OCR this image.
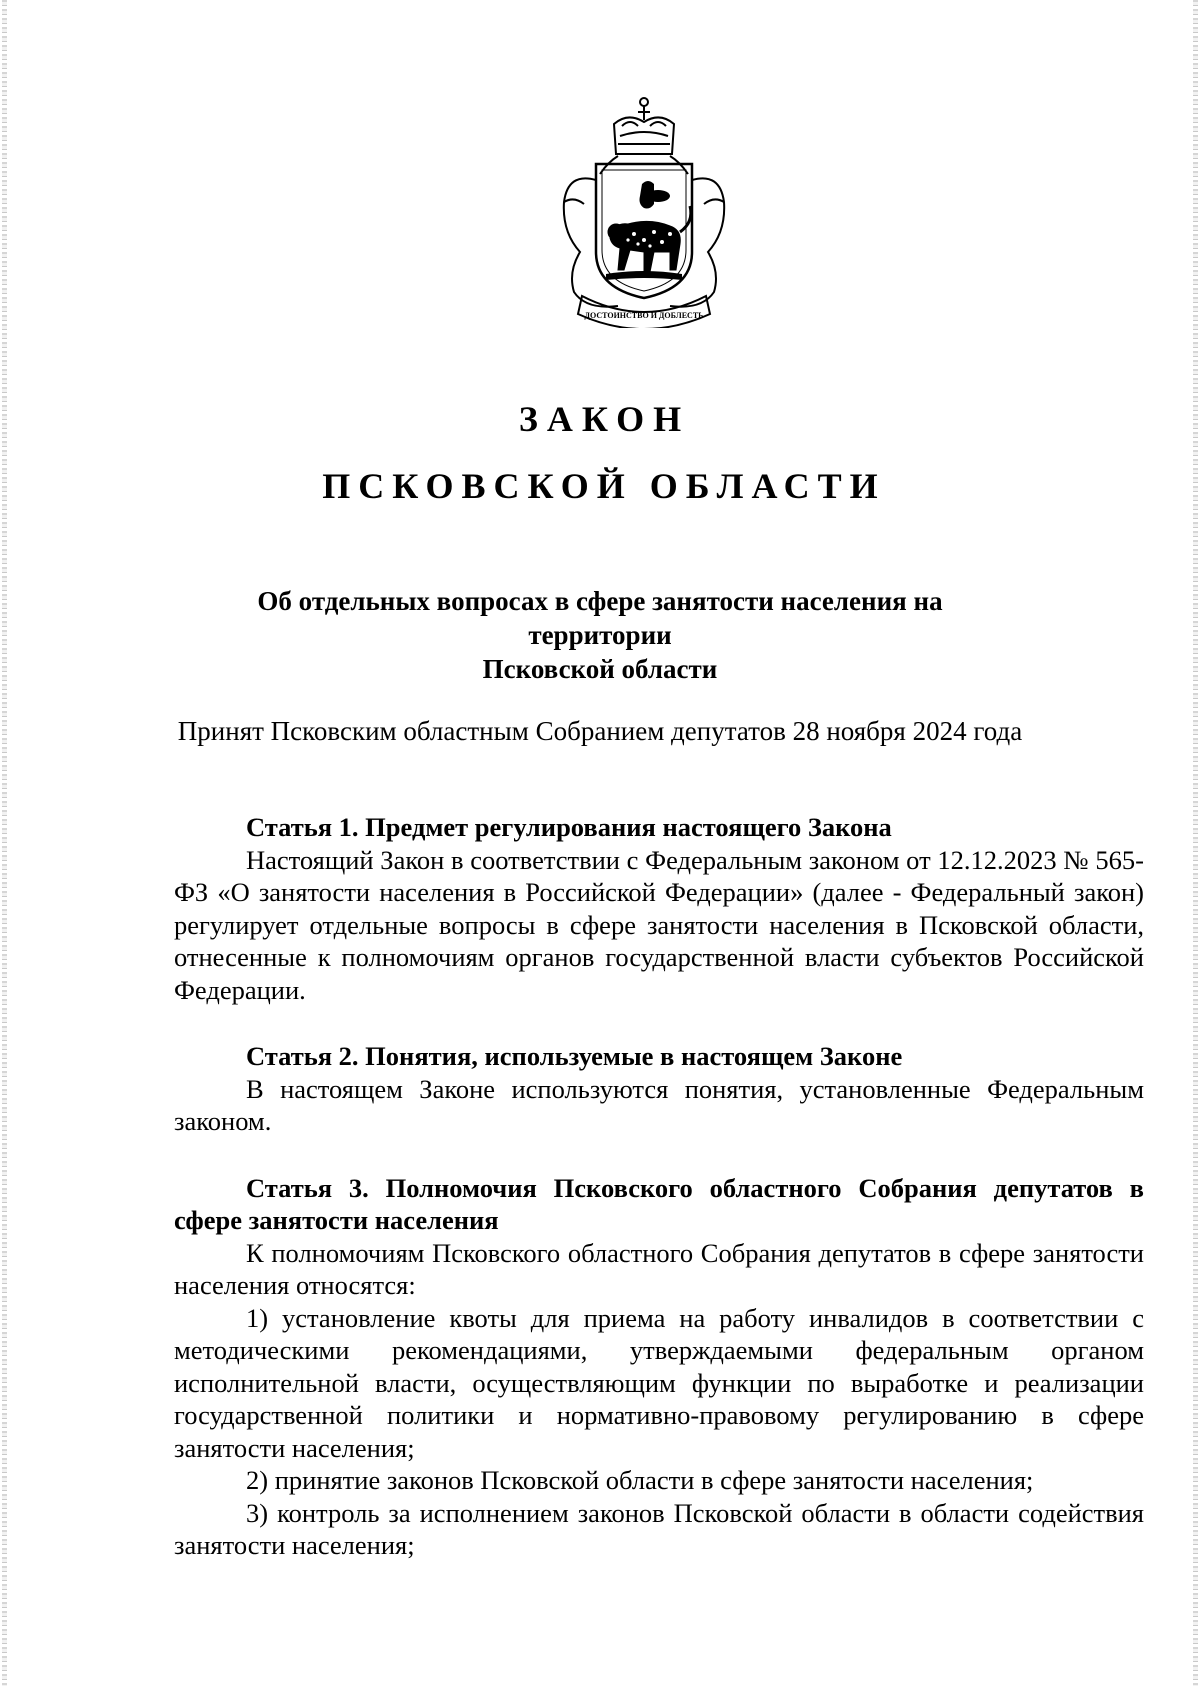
ДОСТОИНСТВО И ДОБЛЕСТЬ
ЗАКОН
ПСКОВСКОЙ ОБЛАСТИ
Об отдельных вопросах в сфере занятости населения на территории
Псковской области
Принят Псковским областным Собранием депутатов 28 ноября 2024 года

Статья 1. Предмет регулирования настоящего Закона

Настоящий Закон в соответствии с Федеральным законом от 12.12.2023 № 565-ФЗ «О занятости населения в Российской Федерации» (далее - Федеральный закон) регулирует отдельные вопросы в сфере занятости населения в Псковской области, отнесенные к полномочиям органов государственной власти субъектов Российской Федерации.

Статья 2. Понятия, используемые в настоящем Законе

В настоящем Законе используются понятия, установленные Федеральным законом.

Статья 3. Полномочия Псковского областного Собрания депутатов в сфере занятости населения

К полномочиям Псковского областного Собрания депутатов в сфере занятости населения относятся:

1) установление квоты для приема на работу инвалидов в соответствии с методическими рекомендациями, утверждаемыми федеральным органом исполнительной власти, осуществляющим функции по выработке и реализации государственной политики и нормативно-правовому регулированию в сфере занятости населения;

2) принятие законов Псковской области в сфере занятости населения;

3) контроль за исполнением законов Псковской области в области содействия занятости населения;
